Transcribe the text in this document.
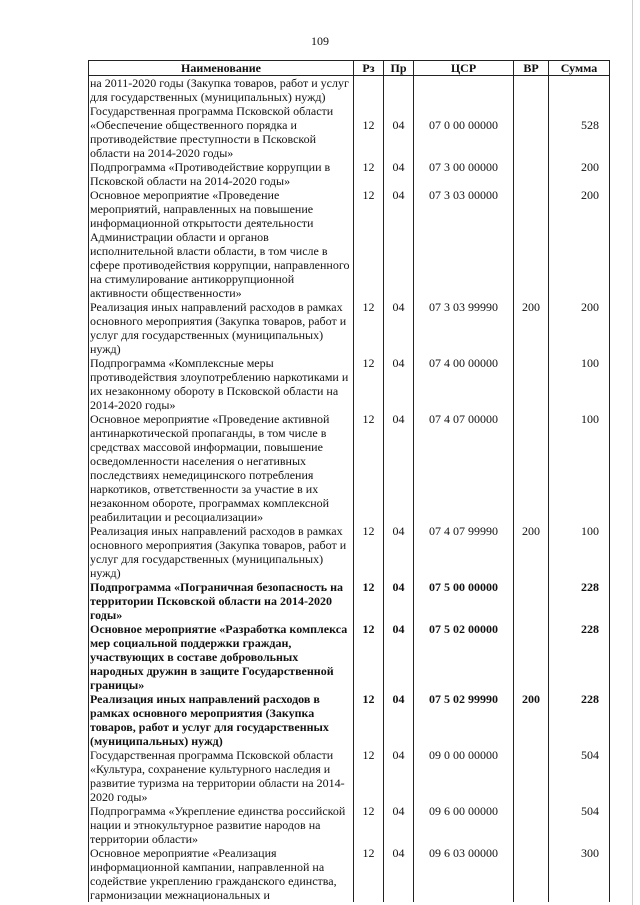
109
Наименование	Рз	Пр	ЦСР	ВР	Сумма
на 2011-2020 годы (Закупка товаров, работ и услуг для государственных (муниципальных) нужд)					
Государственная программа Псковской области «Обеспечение общественного порядка и противодействие преступности в Псковской области на 2014-2020 годы»	12	04	07 0 00 00000		528
Подпрограмма «Противодействие коррупции в Псковской области на 2014-2020 годы»	12	04	07 3 00 00000		200
Основное мероприятие «Проведение мероприятий, направленных на повышение информационной открытости деятельности Администрации области и органов исполнительной власти области, в том числе в сфере противодействия коррупции, направленного на стимулирование антикоррупционной активности общественности»	12	04	07 3 03 00000		200
Реализация иных направлений расходов в рамках основного мероприятия (Закупка товаров, работ и услуг для государственных (муниципальных) нужд)	12	04	07 3 03 99990	200	200
Подпрограмма «Комплексные меры противодействия злоупотреблению наркотиками и их незаконному обороту в Псковской области на 2014-2020 годы»	12	04	07 4 00 00000		100
Основное мероприятие «Проведение активной антинаркотической пропаганды, в том числе в средствах массовой информации, повышение осведомленности населения о негативных последствиях немедицинского потребления наркотиков, ответственности за участие в их незаконном обороте, программах комплексной реабилитации и ресоциализации»	12	04	07 4 07 00000		100
Реализация иных направлений расходов в рамках основного мероприятия (Закупка товаров, работ и услуг для государственных (муниципальных) нужд)	12	04	07 4 07 99990	200	100
Подпрограмма «Пограничная безопасность на территории Псковской области на 2014-2020 годы»	12	04	07 5 00 00000		228
Основное мероприятие «Разработка комплекса мер социальной поддержки граждан, участвующих в составе добровольных народных дружин в защите Государственной границы»	12	04	07 5 02 00000		228
Реализация иных направлений расходов в рамках основного мероприятия (Закупка товаров, работ и услуг для государственных (муниципальных) нужд)	12	04	07 5 02 99990	200	228
Государственная программа Псковской области «Культура, сохранение культурного наследия и развитие туризма на территории области на 2014-2020 годы»	12	04	09 0 00 00000		504
Подпрограмма «Укрепление единства российской нации и этнокультурное развитие народов на территории области»	12	04	09 6 00 00000		504
Основное мероприятие «Реализация информационной кампании, направленной на содействие укреплению гражданского единства, гармонизации межнациональных и	12	04	09 6 03 00000		300
